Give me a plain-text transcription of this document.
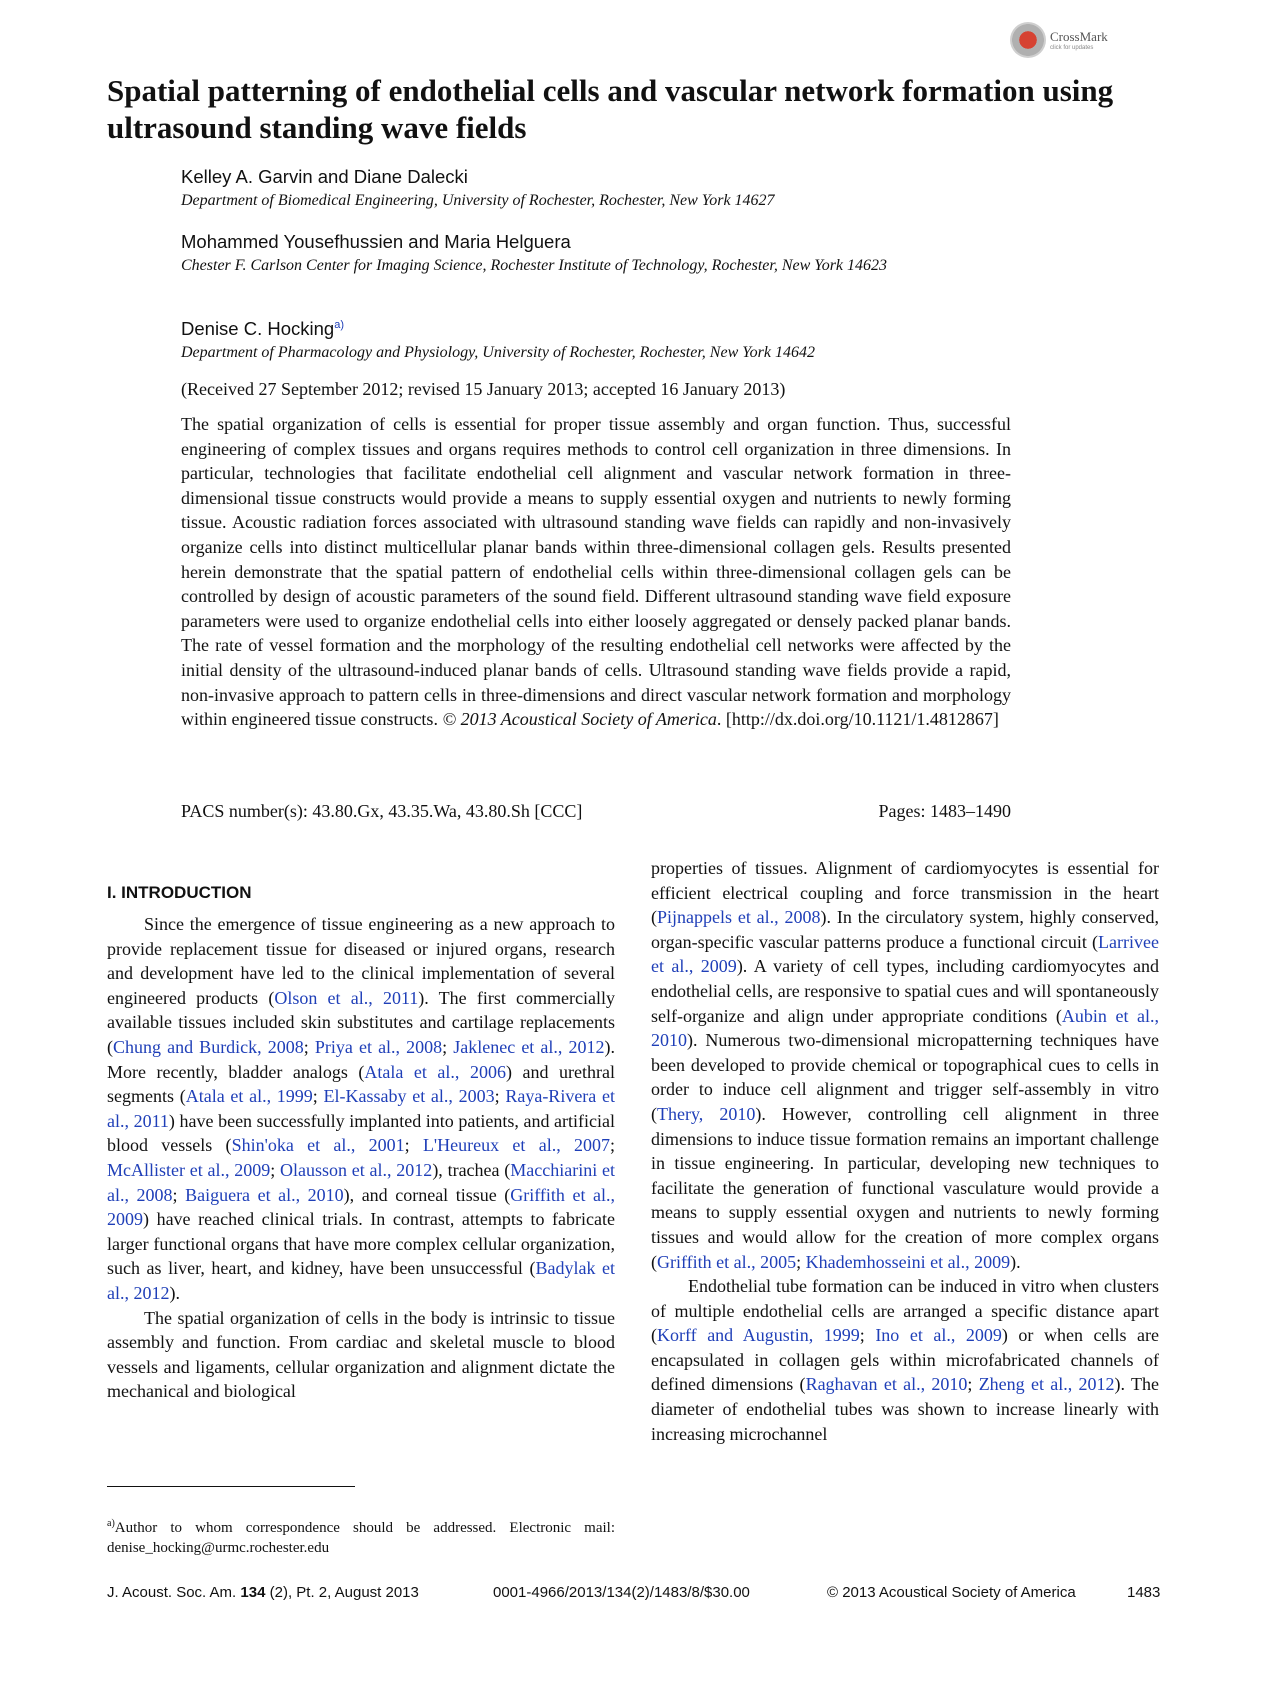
CrossMark
click for updates
Spatial patterning of endothelial cells and vascular network formation using ultrasound standing wave fields
Kelley A. Garvin and Diane Dalecki
Department of Biomedical Engineering, University of Rochester, Rochester, New York 14627
Mohammed Yousefhussien and Maria Helguera
Chester F. Carlson Center for Imaging Science, Rochester Institute of Technology, Rochester, New York 14623
Denise C. Hocking$^{a)}$
Department of Pharmacology and Physiology, University of Rochester, Rochester, New York 14642
(Received 27 September 2012; revised 15 January 2013; accepted 16 January 2013)

The spatial organization of cells is essential for proper tissue assembly and organ function. Thus, successful engineering of complex tissues and organs requires methods to control cell organization in three dimensions. In particular, technologies that facilitate endothelial cell alignment and vascular network formation in three-dimensional tissue constructs would provide a means to supply essential oxygen and nutrients to newly forming tissue. Acoustic radiation forces associated with ultrasound standing wave fields can rapidly and non-invasively organize cells into distinct multicellular planar bands within three-dimensional collagen gels. Results presented herein demonstrate that the spatial pattern of endothelial cells within three-dimensional collagen gels can be controlled by design of acoustic parameters of the sound field. Different ultrasound standing wave field exposure parameters were used to organize endothelial cells into either loosely aggregated or densely packed planar bands. The rate of vessel formation and the morphology of the resulting endothelial cell networks were affected by the initial density of the ultrasound-induced planar bands of cells. Ultrasound standing wave fields provide a rapid, non-invasive approach to pattern cells in three-dimensions and direct vascular network formation and morphology within engineered tissue constructs. © 2013 Acoustical Society of America. [http://dx.doi.org/10.1121/1.4812867]

PACS number(s): 43.80.Gx, 43.35.Wa, 43.80.Sh [CCC]	Pages: 1483–1490
I. INTRODUCTION

Since the emergence of tissue engineering as a new approach to provide replacement tissue for diseased or injured organs, research and development have led to the clinical implementation of several engineered products (Olson et al., 2011). The first commercially available tissues included skin substitutes and cartilage replacements (Chung and Burdick, 2008; Priya et al., 2008; Jaklenec et al., 2012). More recently, bladder analogs (Atala et al., 2006) and urethral segments (Atala et al., 1999; El-Kassaby et al., 2003; Raya-Rivera et al., 2011) have been successfully implanted into patients, and artificial blood vessels (Shin'oka et al., 2001; L'Heureux et al., 2007; McAllister et al., 2009; Olausson et al., 2012), trachea (Macchiarini et al., 2008; Baiguera et al., 2010), and corneal tissue (Griffith et al., 2009) have reached clinical trials. In contrast, attempts to fabricate larger functional organs that have more complex cellular organization, such as liver, heart, and kidney, have been unsuccessful (Badylak et al., 2012).

The spatial organization of cells in the body is intrinsic to tissue assembly and function. From cardiac and skeletal muscle to blood vessels and ligaments, cellular organization and alignment dictate the mechanical and biological

properties of tissues. Alignment of cardiomyocytes is essential for efficient electrical coupling and force transmission in the heart (Pijnappels et al., 2008). In the circulatory system, highly conserved, organ-specific vascular patterns produce a functional circuit (Larrivee et al., 2009). A variety of cell types, including cardiomyocytes and endothelial cells, are responsive to spatial cues and will spontaneously self-organize and align under appropriate conditions (Aubin et al., 2010). Numerous two-dimensional micropatterning techniques have been developed to provide chemical or topographical cues to cells in order to induce cell alignment and trigger self-assembly in vitro (Thery, 2010). However, controlling cell alignment in three dimensions to induce tissue formation remains an important challenge in tissue engineering. In particular, developing new techniques to facilitate the generation of functional vasculature would provide a means to supply essential oxygen and nutrients to newly forming tissues and would allow for the creation of more complex organs (Griffith et al., 2005; Khademhosseini et al., 2009).

Endothelial tube formation can be induced in vitro when clusters of multiple endothelial cells are arranged a specific distance apart (Korff and Augustin, 1999; Ino et al., 2009) or when cells are encapsulated in collagen gels within microfabricated channels of defined dimensions (Raghavan et al., 2010; Zheng et al., 2012). The diameter of endothelial tubes was shown to increase linearly with increasing microchannel

$^{a)}$Author to whom correspondence should be addressed. Electronic mail: denise_hocking@urmc.rochester.edu
J. Acoust. Soc. Am. 134 (2), Pt. 2, August 2013	0001-4966/2013/134(2)/1483/8/$30.00	© 2013 Acoustical Society of America	1483
